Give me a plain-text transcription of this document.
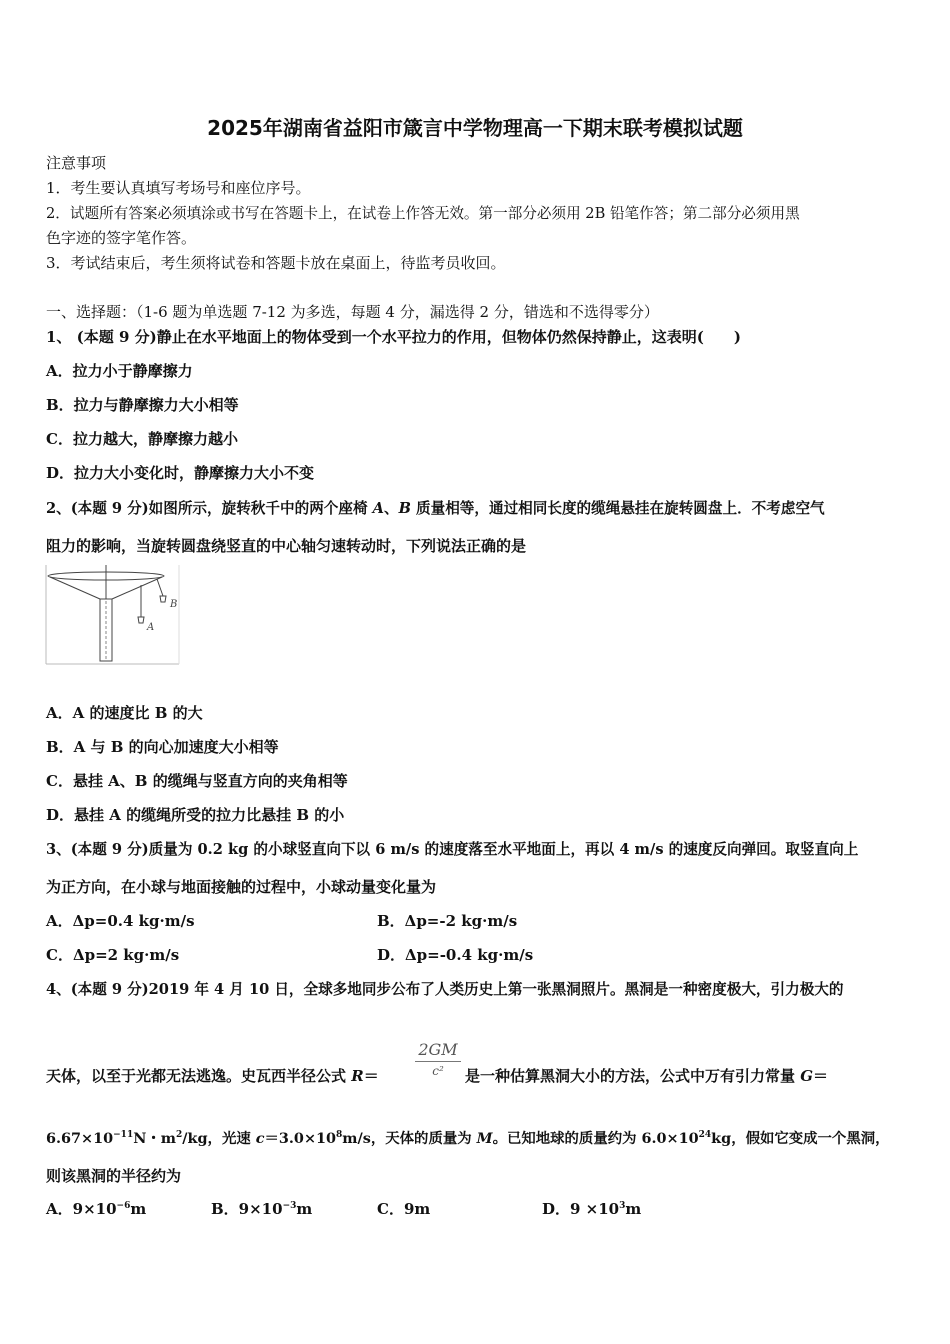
2025年湖南省益阳市箴言中学物理高一下期末联考模拟试题
注意事项
1．考生要认真填写考场号和座位序号。
2．试题所有答案必须填涂或书写在答题卡上，在试卷上作答无效。第一部分必须用 2B 铅笔作答；第二部分必须用黑
色字迹的签字笔作答。
3．考试结束后，考生须将试卷和答题卡放在桌面上，待监考员收回。
一、选择题：（1-6 题为单选题 7-12 为多选，每题 4 分，漏选得 2 分，错选和不选得零分）
1、 (本题 9 分)静止在水平地面上的物体受到一个水平拉力的作用，但物体仍然保持静止，这表明(　　)
A．拉力小于静摩擦力
B．拉力与静摩擦力大小相等
C．拉力越大，静摩擦力越小
D．拉力大小变化时，静摩擦力大小不变
2、(本题 9 分)如图所示，旋转秋千中的两个座椅 A、B 质量相等，通过相同长度的缆绳悬挂在旋转圆盘上．不考虑空气
阻力的影响，当旋转圆盘绕竖直的中心轴匀速转动时，下列说法正确的是
A
B
A．A 的速度比 B 的大
B．A 与 B 的向心加速度大小相等
C．悬挂 A、B 的缆绳与竖直方向的夹角相等
D．悬挂 A 的缆绳所受的拉力比悬挂 B 的小
3、(本题 9 分)质量为 0.2 kg 的小球竖直向下以 6 m/s 的速度落至水平地面上，再以 4 m/s 的速度反向弹回。取竖直向上
为正方向，在小球与地面接触的过程中，小球动量变化量为
A．Δp=0.4 kg·m/s	B．Δp=-2 kg·m/s
C．Δp=2 kg·m/s	D．Δp=-0.4 kg·m/s
4、(本题 9 分)2019 年 4 月 10 日，全球多地同步公布了人类历史上第一张黑洞照片。黑洞是一种密度极大，引力极大的
天体，以至于光都无法逃逸。史瓦西半径公式 R＝
2GM
c²	是一种估算黑洞大小的方法，公式中万有引力常量 G＝
$6.67\times 10^{-11}N$・$m^2/kg$，光速 $c=3.0\times 10^8m/s$，天体的质量为 M。已知地球的质量约为 $6.0\times 10^{24}kg$，假如它变成一个黑洞，
则该黑洞的半径约为
A．$9\times 10^{-6}m$	B．$9\times 10^{-3}m$	C．9m	D．$9 \times 10^3m$
